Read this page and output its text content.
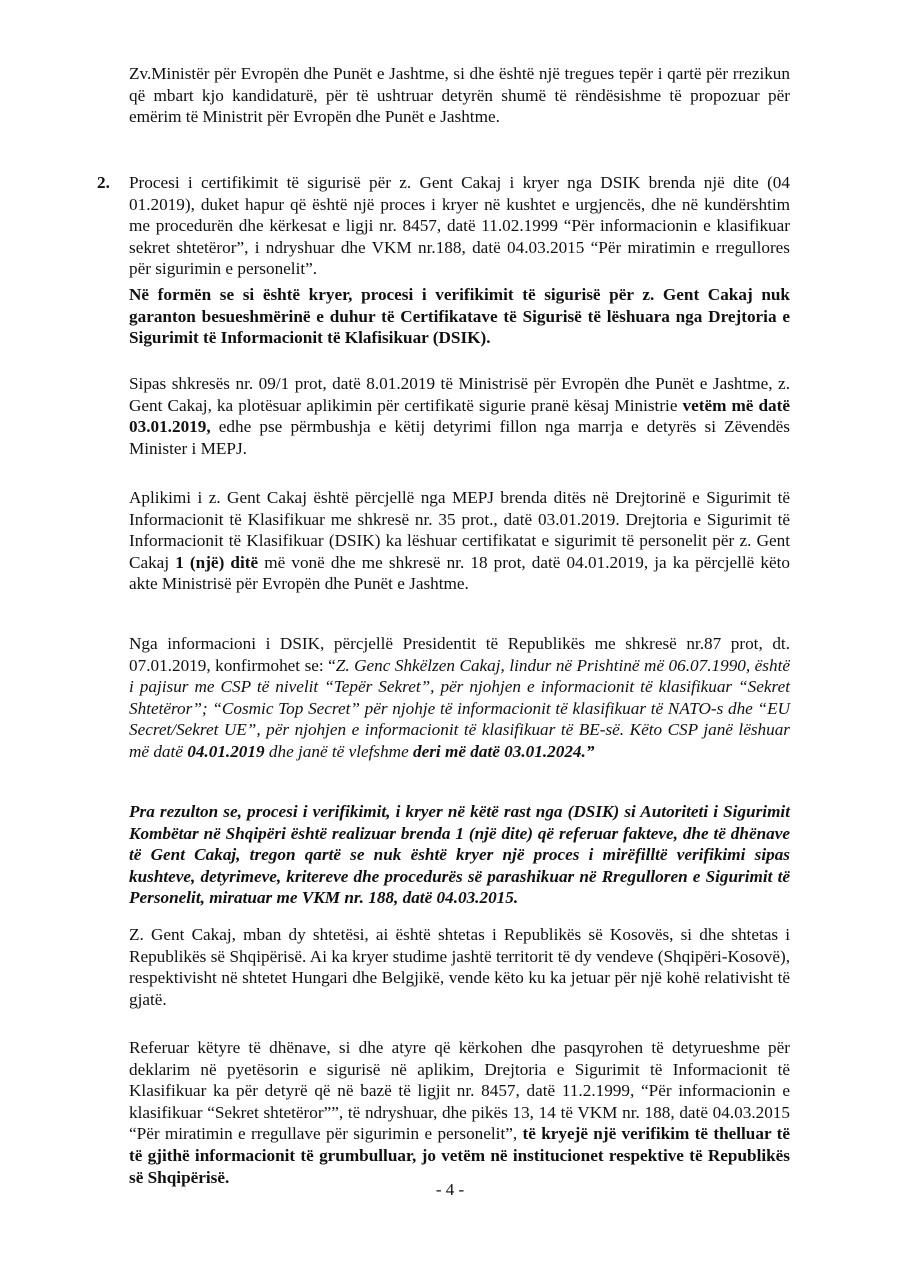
Zv.Ministër për Evropën dhe Punët e Jashtme, si dhe është një tregues tepër i qartë për rrezikun që mbart kjo kandidaturë, për të ushtruar detyrën shumë të rëndësishme të propozuar për emërim të Ministrit për Evropën dhe Punët e Jashtme.

2. Procesi i certifikimit të sigurisë për z. Gent Cakaj i kryer nga DSIK brenda një dite (04 01.2019), duket hapur që është një proces i kryer në kushtet e urgjencës, dhe në kundërshtim me procedurën dhe kërkesat e ligji nr. 8457, datë 11.02.1999 “Për informacionin e klasifikuar sekret shtetëror”, i ndryshuar dhe VKM nr.188, datë 04.03.2015 “Për miratimin e rregullores për sigurimin e personelit”.

Në formën se si është kryer, procesi i verifikimit të sigurisë për z. Gent Cakaj nuk garanton besueshmërinë e duhur të Certifikatave të Sigurisë të lëshuara nga Drejtoria e Sigurimit të Informacionit të Klafisikuar (DSIK).

Sipas shkresës nr. 09/1 prot, datë 8.01.2019 të Ministrisë për Evropën dhe Punët e Jashtme, z. Gent Cakaj, ka plotësuar aplikimin për certifikatë sigurie pranë kësaj Ministrie vetëm më datë 03.01.2019, edhe pse përmbushja e këtij detyrimi fillon nga marrja e detyrës si Zëvendës Minister i MEPJ.

Aplikimi i z. Gent Cakaj është përcjellë nga MEPJ brenda ditës në Drejtorinë e Sigurimit të Informacionit të Klasifikuar me shkresë nr. 35 prot., datë 03.01.2019. Drejtoria e Sigurimit të Informacionit të Klasifikuar (DSIK) ka lëshuar certifikatat e sigurimit të personelit për z. Gent Cakaj 1 (një) ditë më vonë dhe me shkresë nr. 18 prot, datë 04.01.2019, ja ka përcjellë këto akte Ministrisë për Evropën dhe Punët e Jashtme.

Nga informacioni i DSIK, përcjellë Presidentit të Republikës me shkresë nr.87 prot, dt. 07.01.2019, konfirmohet se: “Z. Genc Shkëlzen Cakaj, lindur në Prishtinë më 06.07.1990, është i pajisur me CSP të nivelit “Tepër Sekret”, për njohjen e informacionit të klasifikuar “Sekret Shtetëror”; “Cosmic Top Secret” për njohje të informacionit të klasifikuar të NATO-s dhe “EU Secret/Sekret UE”, për njohjen e informacionit të klasifikuar të BE-së. Këto CSP janë lëshuar më datë 04.01.2019 dhe janë të vlefshme deri më datë 03.01.2024.”

Pra rezulton se, procesi i verifikimit, i kryer në këtë rast nga (DSIK) si Autoriteti i Sigurimit Kombëtar në Shqipëri është realizuar brenda 1 (një dite) që referuar fakteve, dhe të dhënave të Gent Cakaj, tregon qartë se nuk është kryer një proces i mirëfilltë verifikimi sipas kushteve, detyrimeve, kritereve dhe procedurës së parashikuar në Rregulloren e Sigurimit të Personelit, miratuar me VKM nr. 188, datë 04.03.2015.

Z. Gent Cakaj, mban dy shtetësi, ai është shtetas i Republikës së Kosovës, si dhe shtetas i Republikës së Shqipërisë. Ai ka kryer studime jashtë territorit të dy vendeve (Shqipëri-Kosovë), respektivisht në shtetet Hungari dhe Belgjikë, vende këto ku ka jetuar për një kohë relativisht të gjatë.

Referuar këtyre të dhënave, si dhe atyre që kërkohen dhe pasqyrohen të detyrueshme për deklarim në pyetësorin e sigurisë në aplikim, Drejtoria e Sigurimit të Informacionit të Klasifikuar ka për detyrë që në bazë të ligjit nr. 8457, datë 11.2.1999, “Për informacionin e klasifikuar “Sekret shtetëror””, të ndryshuar, dhe pikës 13, 14 të VKM nr. 188, datë 04.03.2015 “Për miratimin e rregullave për sigurimin e personelit”, të kryejë një verifikim të thelluar të të gjithë informacionit të grumbulluar, jo vetëm në institucionet respektive të Republikës së Shqipërisë.

- 4 -
